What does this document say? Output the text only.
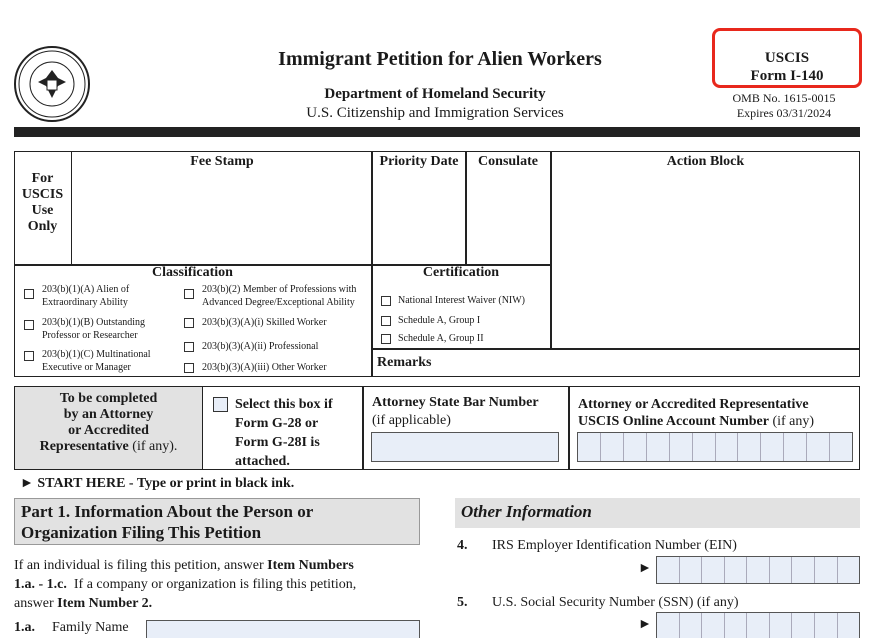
Immigrant Petition for Alien Workers
Department of Homeland Security
U.S. Citizenship and Immigration Services
USCIS
Form I-140
OMB No. 1615-0015
Expires 03/31/2024
For
USCIS
Use
Only
Fee Stamp	Priority Date	Consulate	Action Block
Classification	Certification
Remarks
203(b)(1)(A) Alien of
Extraordinary Ability
203(b)(1)(B) Outstanding
Professor or Researcher
203(b)(1)(C) Multinational
Executive or Manager
203(b)(2) Member of Professions with
Advanced Degree/Exceptional Ability
203(b)(3)(A)(i) Skilled Worker
203(b)(3)(A)(ii) Professional
203(b)(3)(A)(iii) Other Worker
National Interest Waiver (NIW)
Schedule A, Group I
Schedule A, Group II
To be completed
by an Attorney
or Accredited
Representative (if any).
Select this box if
Form G-28 or
Form G-28I is
attached.
Attorney State Bar Number
(if applicable)
Attorney or Accredited Representative
USCIS Online Account Number (if any)
► START HERE - Type or print in black ink.
Part 1. Information About the Person or
Organization Filing This Petition
If an individual is filing this petition, answer Item Numbers
1.a. - 1.c. If a company or organization is filing this petition,
answer Item Number 2.
1.a. Family Name
Other Information
4. IRS Employer Identification Number (EIN)
►
5. U.S. Social Security Number (SSN) (if any)
►
